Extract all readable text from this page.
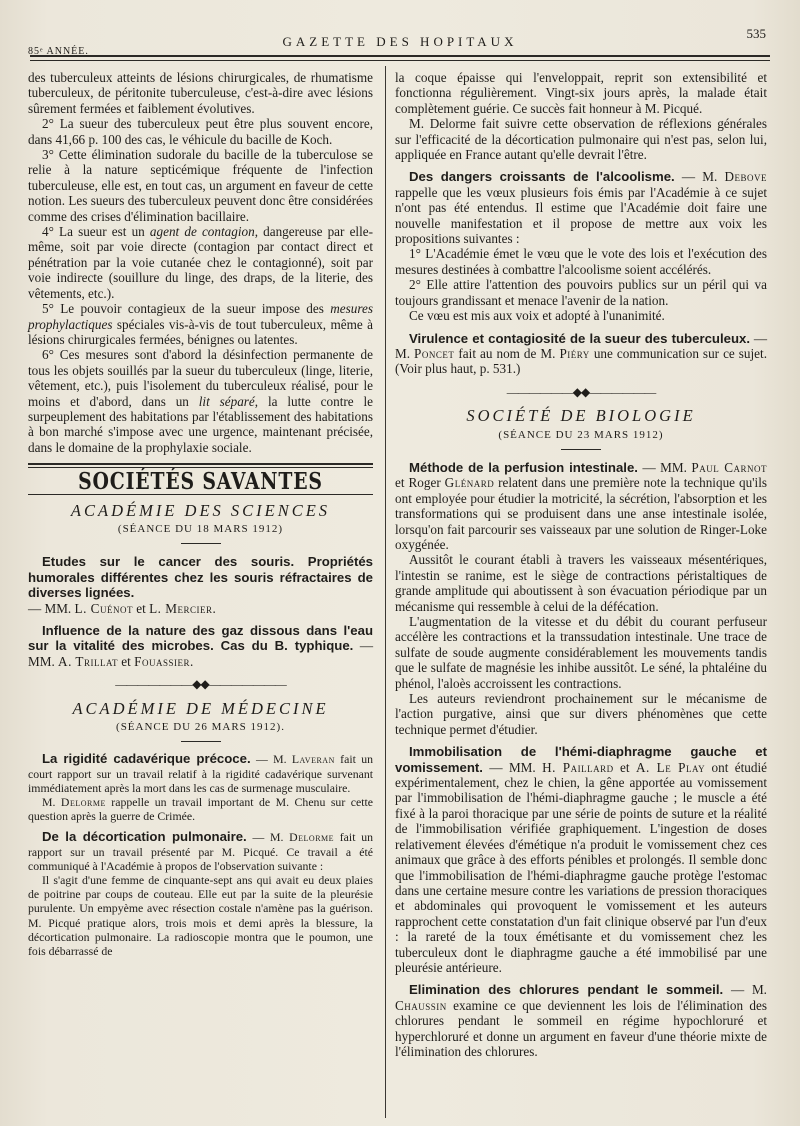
85ᵉ ANNÉE.
GAZETTE DES HOPITAUX
535

des tuberculeux atteints de lésions chirurgicales, de rhumatisme tuberculeux, de péritonite tuberculeuse, c'est-à-dire avec lésions sûrement fermées et faiblement évolutives.

2° La sueur des tuberculeux peut être plus souvent encore, dans 41,66 p. 100 des cas, le véhicule du bacille de Koch.

3° Cette élimination sudorale du bacille de la tuberculose se relie à la nature septicémique fréquente de l'infection tuberculeuse, elle est, en tout cas, un argument en faveur de cette notion. Les sueurs des tuberculeux peuvent donc être considérées comme des crises d'élimination bacillaire.

4° La sueur est un agent de contagion, dangereuse par elle-même, soit par voie directe (contagion par contact direct et pénétration par la voie cutanée chez le contagionné), soit par voie indirecte (souillure du linge, des draps, de la literie, des vêtements, etc.).

5° Le pouvoir contagieux de la sueur impose des mesures prophylactiques spéciales vis-à-vis de tout tuberculeux, même à lésions chirurgicales fermées, bénignes ou latentes.

6° Ces mesures sont d'abord la désinfection permanente de tous les objets souillés par la sueur du tuberculeux (linge, literie, vêtement, etc.), puis l'isolement du tuberculeux réalisé, pour le moins et d'abord, dans un lit séparé, la lutte contre le surpeuplement des habitations par l'établissement des habitations à bon marché s'impose avec une urgence, maintenant précisée, dans le domaine de la prophylaxie sociale.

SOCIÉTÉS SAVANTES
ACADÉMIE DES SCIENCES
(SÉANCE DU 18 MARS 1912)

Etudes sur le cancer des souris. Propriétés humorales différentes chez les souris réfractaires de diverses lignées.
— MM. L. Cuénot et L. Mercier.

Influence de la nature des gaz dissous dans l'eau sur la vitalité des microbes. Cas du B. typhique. — MM. A. Trillat et Fouassier.

———————◆◆———————
ACADÉMIE DE MÉDECINE
(SÉANCE DU 26 MARS 1912).

La rigidité cadavérique précoce. — M. Laveran fait un court rapport sur un travail relatif à la rigidité cadavérique survenant immédiatement après la mort dans les cas de surmenage musculaire.

M. Delorme rappelle un travail important de M. Chenu sur cette question après la guerre de Crimée.

De la décortication pulmonaire. — M. Delorme fait un rapport sur un travail présenté par M. Picqué. Ce travail a été communiqué à l'Académie à propos de l'observation suivante :

Il s'agit d'une femme de cinquante-sept ans qui avait eu deux plaies de poitrine par coups de couteau. Elle eut par la suite de la pleurésie purulente. Un empyème avec résection costale n'amène pas la guérison. M. Picqué pratique alors, trois mois et demi après la blessure, la décortication pulmonaire. La radioscopie montra que le poumon, une fois débarrassé de

la coque épaisse qui l'enveloppait, reprit son extensibilité et fonctionna régulièrement. Vingt-six jours après, la malade était complètement guérie. Ce succès fait honneur à M. Picqué.

M. Delorme fait suivre cette observation de réflexions générales sur l'efficacité de la décortication pulmonaire qui n'est pas, selon lui, appliquée en France autant qu'elle devrait l'être.

Des dangers croissants de l'alcoolisme. — M. Debove rappelle que les vœux plusieurs fois émis par l'Académie à ce sujet n'ont pas été entendus. Il estime que l'Académie doit faire une nouvelle manifestation et il propose de mettre aux voix les propositions suivantes :

1° L'Académie émet le vœu que le vote des lois et l'exécution des mesures destinées à combattre l'alcoolisme soient accélérés.

2° Elle attire l'attention des pouvoirs publics sur un péril qui va toujours grandissant et menace l'avenir de la nation.

Ce vœu est mis aux voix et adopté à l'unanimité.

Virulence et contagiosité de la sueur des tuberculeux. — M. Poncet fait au nom de M. Piéry une communication sur ce sujet. (Voir plus haut, p. 531.)

——————◆◆——————
SOCIÉTÉ DE BIOLOGIE
(SÉANCE DU 23 MARS 1912)

Méthode de la perfusion intestinale. — MM. Paul Carnot et Roger Glénard relatent dans une première note la technique qu'ils ont employée pour étudier la motricité, la sécrétion, l'absorption et les transformations qui se produisent dans une anse intestinale isolée, lorsqu'on fait parcourir ses vaisseaux par une solution de Ringer-Loke oxygénée.

Aussitôt le courant établi à travers les vaisseaux mésentériques, l'intestin se ranime, est le siège de contractions péristaltiques de grande amplitude qui aboutissent à son évacuation périodique par un mécanisme qui ressemble à celui de la défécation.

L'augmentation de la vitesse et du débit du courant perfuseur accélère les contractions et la transsudation intestinale. Une trace de sulfate de soude augmente considérablement les mouvements tandis que le sulfate de magnésie les inhibe aussitôt. Le séné, la phtaléine du phénol, l'aloès accroissent les contractions.

Les auteurs reviendront prochainement sur le mécanisme de l'action purgative, ainsi que sur divers phénomènes que cette technique permet d'étudier.

Immobilisation de l'hémi-diaphragme gauche et vomissement. — MM. H. Paillard et A. Le Play ont étudié expérimentalement, chez le chien, la gêne apportée au vomissement par l'immobilisation de l'hémi-diaphragme gauche ; le muscle a été fixé à la paroi thoracique par une série de points de suture et la réalité de l'immobilisation vérifiée graphiquement. L'ingestion de doses relativement élevées d'émétique n'a produit le vomissement chez ces animaux que grâce à des efforts pénibles et prolongés. Il semble donc que l'immobilisation de l'hémi-diaphragme gauche protège l'estomac dans une certaine mesure contre les variations de pression thoraciques et abdominales qui provoquent le vomissement et les auteurs rapprochent cette constatation d'un fait clinique observé par l'un d'eux : la rareté de la toux émétisante et du vomissement chez les tuberculeux dont le diaphragme gauche a été immobilisé par une pleurésie antérieure.

Elimination des chlorures pendant le sommeil. — M. Chaussin examine ce que deviennent les lois de l'élimination des chlorures pendant le sommeil en régime hypochloruré et hyperchloruré et donne un argument en faveur d'une théorie mixte de l'élimination des chlorures.
